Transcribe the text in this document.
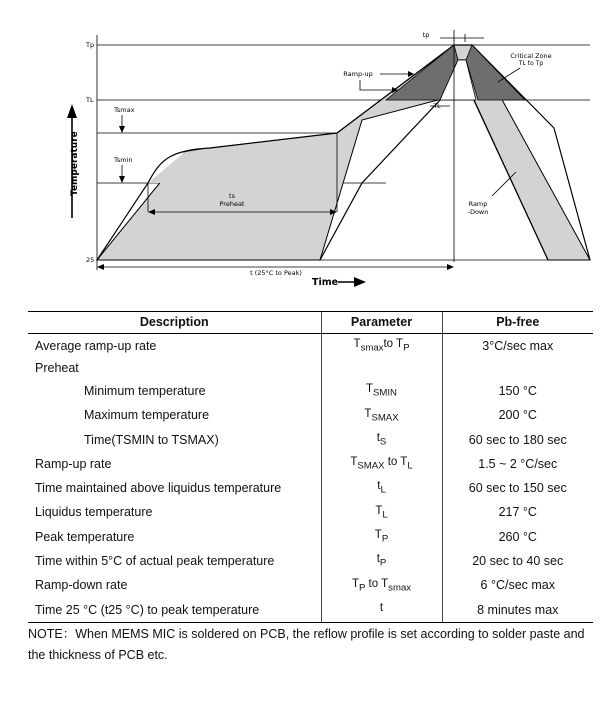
Tp
TL
25
Tsmax
Tsmin
ts
Preheat
Ramp-up
tp
TL
Critical Zone
TL to Tp
Ramp
-Down
t (25°C to Peak)
Time
Temperature
Description	Parameter	Pb-free
Average ramp-up rate	$T_{smax}to$ $T_P$	3°C/sec max
Preheat		
Minimum temperature	$T_{SMIN}$	150 °C
Maximum temperature	$T_{SMAX}$	200 °C
Time(TSMIN to TSMAX)	$t_S$	60 sec to 180 sec
Ramp-up rate	$T_{SMAX}$ to $T_L$	1.5 ~ 2 °C/sec
Time maintained above liquidus temperature	$t_L$	60 sec to 150 sec
Liquidus temperature	$T_L$	217 °C
Peak temperature	$T_P$	260 °C
Time within 5°C of actual peak temperature	$t_P$	20 sec to 40 sec
Ramp-down rate	$T_P$ to $T_{smax}$	6 °C/sec max
Time 25 °C (t25 °C) to peak temperature	t	8 minutes max
NOTE：When MEMS MIC is soldered on PCB, the reflow profile is set according to solder paste and the thickness of PCB etc.
